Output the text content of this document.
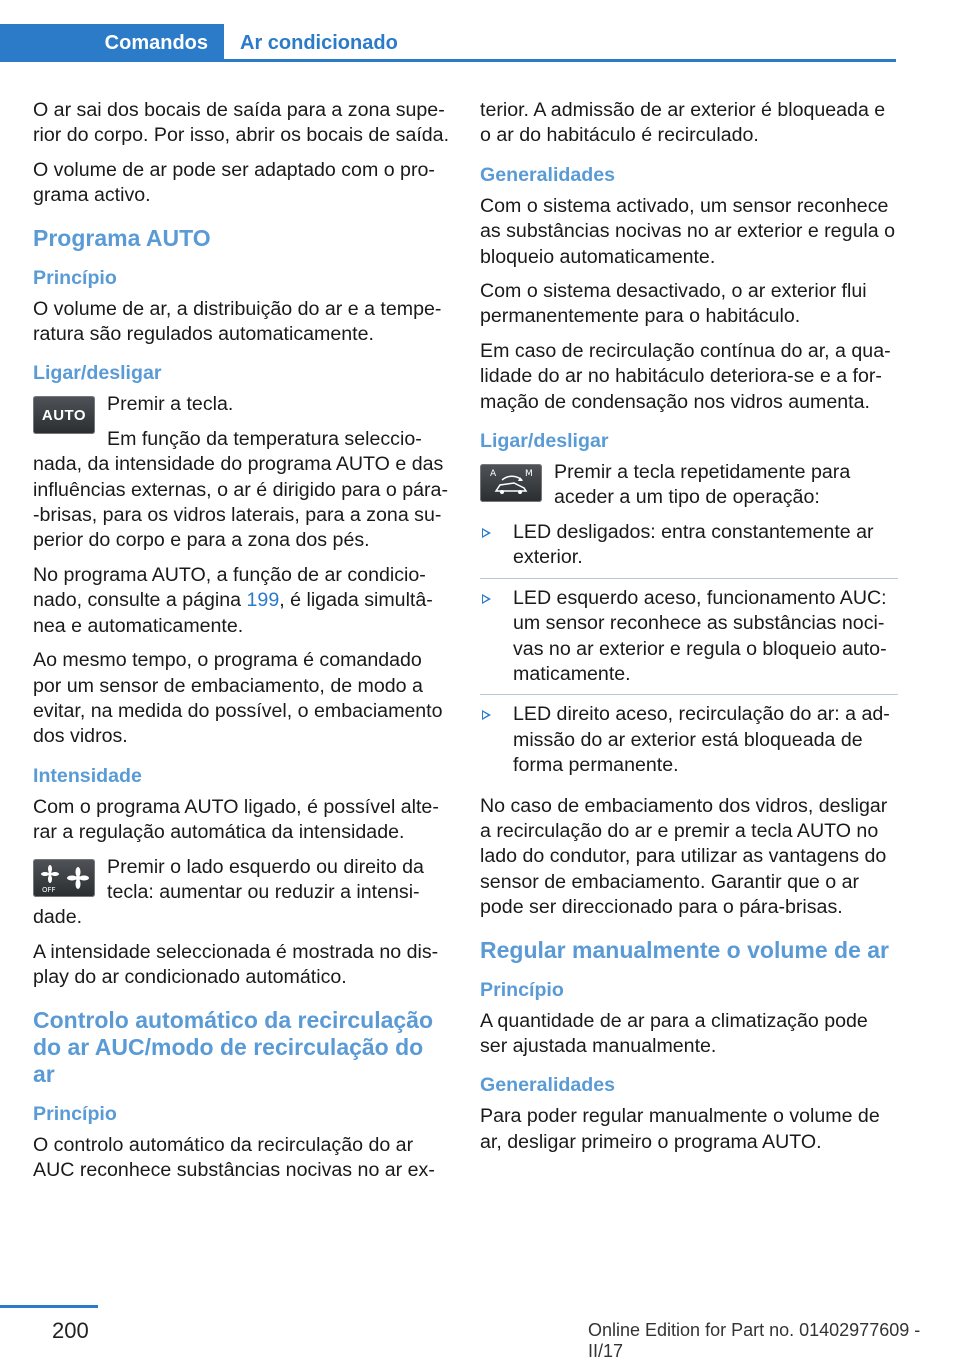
Comandos	Ar condicionado

O ar sai dos bocais de saída para a zona supe-
rior do corpo. Por isso, abrir os bocais de saída.

O volume de ar pode ser adaptado com o pro-
grama activo.

Programa AUTO
Princípio

O volume de ar, a distribuição do ar e a tempe-
ratura são regulados automaticamente.

Ligar/desligar
AUTO	Premir a tecla.

Em função da temperatura seleccio-
nada, da intensidade do programa AUTO e das
influências externas, o ar é dirigido para o pára-
-brisas, para os vidros laterais, para a zona su-
perior do corpo e para a zona dos pés.

No programa AUTO, a função de ar condicio-
nado, consulte a página 199, é ligada simultâ-
nea e automaticamente.

Ao mesmo tempo, o programa é comandado
por um sensor de embaciamento, de modo a
evitar, na medida do possível, o embaciamento
dos vidros.

Intensidade

Com o programa AUTO ligado, é possível alte-
rar a regulação automática da intensidade.

OFF

Premir o lado esquerdo ou direito da
tecla: aumentar ou reduzir a intensi-
dade.

A intensidade seleccionada é mostrada no dis-
play do ar condicionado automático.

Controlo automático da recirculação
do ar AUC/modo de recirculação do ar
Princípio

O controlo automático da recirculação do ar
AUC reconhece substâncias nocivas no ar ex-

terior. A admissão de ar exterior é bloqueada e
o ar do habitáculo é recirculado.

Generalidades

Com o sistema activado, um sensor reconhece
as substâncias nocivas no ar exterior e regula o
bloqueio automaticamente.

Com o sistema desactivado, o ar exterior flui
permanentemente para o habitáculo.

Em caso de recirculação contínua do ar, a qua-
lidade do ar no habitáculo deteriora-se e a for-
mação de condensação nos vidros aumenta.

Ligar/desligar
A	M	Premir a tecla repetidamente para
aceder a um tipo de operação:

LED desligados: entra constantemente ar
exterior.
LED esquerdo aceso, funcionamento AUC:
um sensor reconhece as substâncias noci-
vas no ar exterior e regula o bloqueio auto-
maticamente.
LED direito aceso, recirculação do ar: a ad-
missão do ar exterior está bloqueada de
forma permanente.

No caso de embaciamento dos vidros, desligar
a recirculação do ar e premir a tecla AUTO no
lado do condutor, para utilizar as vantagens do
sensor de embaciamento. Garantir que o ar
pode ser direccionado para o pára-brisas.

Regular manualmente o volume de ar
Princípio

A quantidade de ar para a climatização pode
ser ajustada manualmente.

Generalidades

Para poder regular manualmente o volume de
ar, desligar primeiro o programa AUTO.

200	Online Edition for Part no. 01402977609 - II/17
